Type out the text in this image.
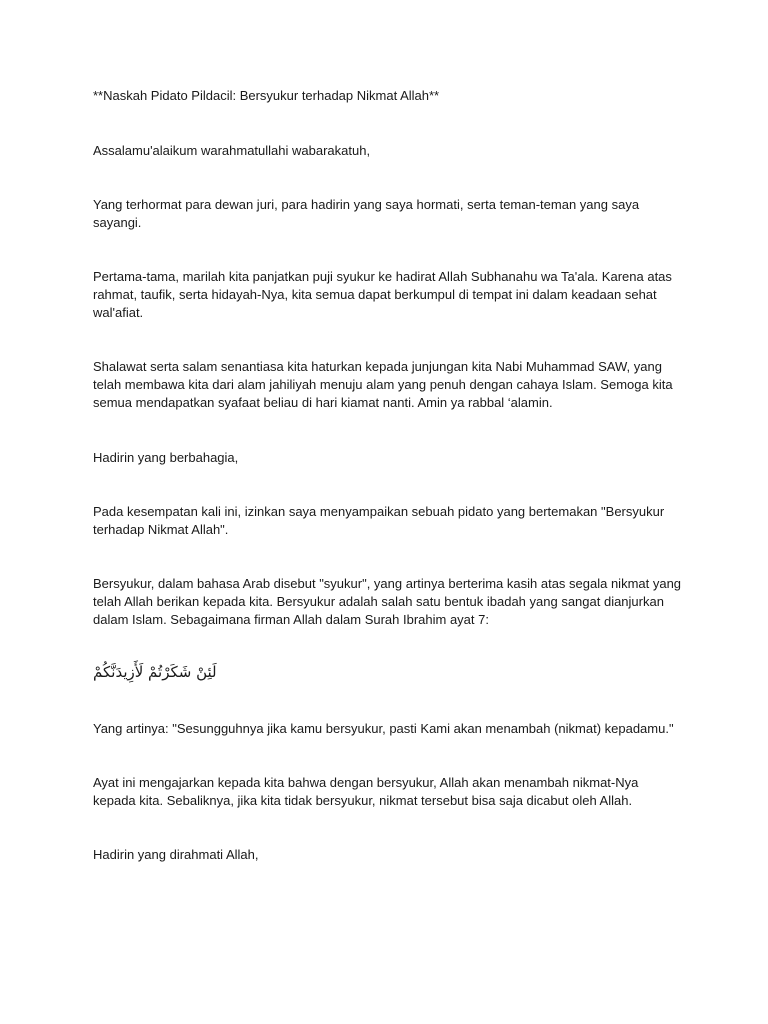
**Naskah Pidato Pildacil: Bersyukur terhadap Nikmat Allah**

Assalamu'alaikum warahmatullahi wabarakatuh,

Yang terhormat para dewan juri, para hadirin yang saya hormati, serta teman-teman yang saya sayangi.

Pertama-tama, marilah kita panjatkan puji syukur ke hadirat Allah Subhanahu wa Ta'ala. Karena atas rahmat, taufik, serta hidayah-Nya, kita semua dapat berkumpul di tempat ini dalam keadaan sehat wal'afiat.

Shalawat serta salam senantiasa kita haturkan kepada junjungan kita Nabi Muhammad SAW, yang telah membawa kita dari alam jahiliyah menuju alam yang penuh dengan cahaya Islam. Semoga kita semua mendapatkan syafaat beliau di hari kiamat nanti. Amin ya rabbal ‘alamin.

Hadirin yang berbahagia,

Pada kesempatan kali ini, izinkan saya menyampaikan sebuah pidato yang bertemakan "Bersyukur terhadap Nikmat Allah".

Bersyukur, dalam bahasa Arab disebut "syukur", yang artinya berterima kasih atas segala nikmat yang telah Allah berikan kepada kita. Bersyukur adalah salah satu bentuk ibadah yang sangat dianjurkan dalam Islam. Sebagaimana firman Allah dalam Surah Ibrahim ayat 7:

لَئِنْ شَكَرْتُمْ لَأَزِيدَنَّكُمْ

Yang artinya: "Sesungguhnya jika kamu bersyukur, pasti Kami akan menambah (nikmat) kepadamu."

Ayat ini mengajarkan kepada kita bahwa dengan bersyukur, Allah akan menambah nikmat-Nya kepada kita. Sebaliknya, jika kita tidak bersyukur, nikmat tersebut bisa saja dicabut oleh Allah.

Hadirin yang dirahmati Allah,
